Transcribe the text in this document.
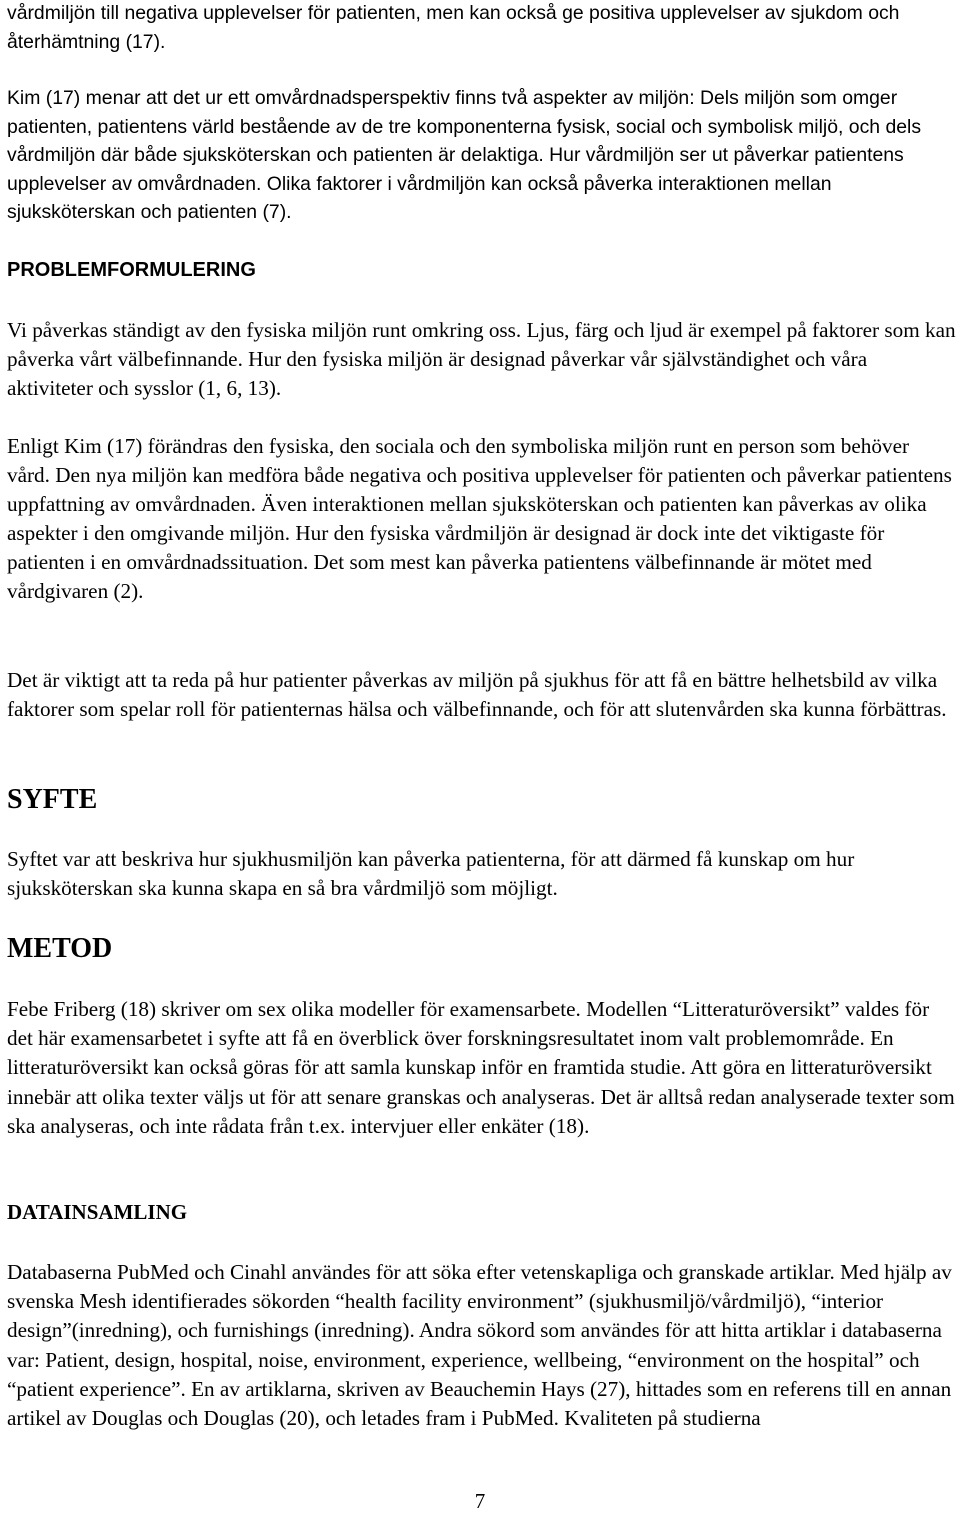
vårdmiljön till negativa upplevelser för patienten, men kan också ge positiva upplevelser av sjukdom och återhämtning (17).

Kim (17) menar att det ur ett omvårdnadsperspektiv finns två aspekter av miljön: Dels miljön som omger patienten, patientens värld bestående av de tre komponenterna fysisk, social och symbolisk miljö, och dels vårdmiljön där både sjuksköterskan och patienten är delaktiga. Hur vårdmiljön ser ut påverkar patientens upplevelser av omvårdnaden. Olika faktorer i vårdmiljön kan också påverka interaktionen mellan sjuksköterskan och patienten (7).

PROBLEMFORMULERING

Vi påverkas ständigt av den fysiska miljön runt omkring oss. Ljus, färg och ljud är exempel på faktorer som kan påverka vårt välbefinnande. Hur den fysiska miljön är designad påverkar vår självständighet och våra aktiviteter och sysslor (1, 6, 13).

Enligt Kim (17) förändras den fysiska, den sociala och den symboliska miljön runt en person som behöver vård. Den nya miljön kan medföra både negativa och positiva upplevelser för patienten och påverkar patientens uppfattning av omvårdnaden. Även interaktionen mellan sjuksköterskan och patienten kan påverkas av olika aspekter i den omgivande miljön. Hur den fysiska vårdmiljön är designad är dock inte det viktigaste för patienten i en omvårdnadssituation. Det som mest kan påverka patientens välbefinnande är mötet med vårdgivaren (2).

Det är viktigt att ta reda på hur patienter påverkas av miljön på sjukhus för att få en bättre helhetsbild av vilka faktorer som spelar roll för patienternas hälsa och välbefinnande, och för att slutenvården ska kunna förbättras.

SYFTE

Syftet var att beskriva hur sjukhusmiljön kan påverka patienterna, för att därmed få kunskap om hur sjuksköterskan ska kunna skapa en så bra vårdmiljö som möjligt.

METOD

Febe Friberg (18) skriver om sex olika modeller för examensarbete. Modellen “Litteraturöversikt” valdes för det här examensarbetet i syfte att få en överblick över forskningsresultatet inom valt problemområde. En litteraturöversikt kan också göras för att samla kunskap inför en framtida studie. Att göra en litteraturöversikt innebär att olika texter väljs ut för att senare granskas och analyseras. Det är alltså redan analyserade texter som ska analyseras, och inte rådata från t.ex. intervjuer eller enkäter (18).

DATAINSAMLING

Databaserna PubMed och Cinahl användes för att söka efter vetenskapliga och granskade artiklar. Med hjälp av svenska Mesh identifierades sökorden “health facility environment” (sjukhusmiljö/vårdmiljö), “interior design”(inredning), och furnishings (inredning). Andra sökord som användes för att hitta artiklar i databaserna var: Patient, design, hospital, noise, environment, experience, wellbeing, “environment on the hospital” och “patient experience”. En av artiklarna, skriven av Beauchemin Hays (27), hittades som en referens till en annan artikel av Douglas och Douglas (20), och letades fram i PubMed. Kvaliteten på studierna

7
